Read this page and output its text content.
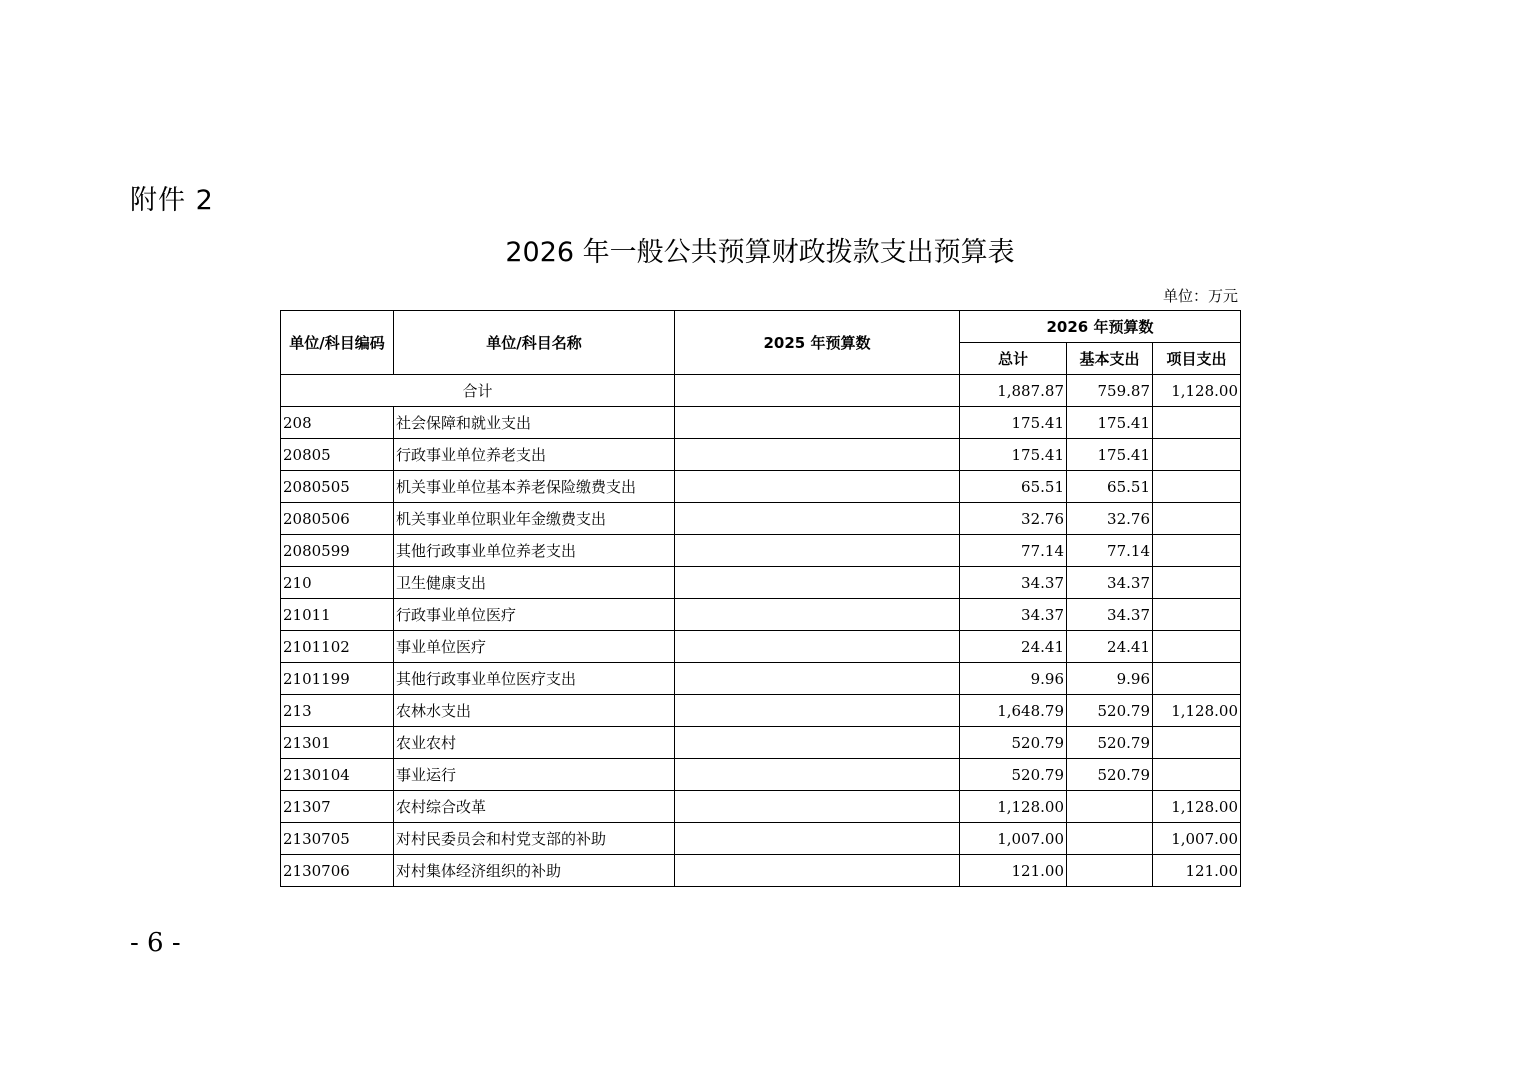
附件 2
2026 年一般公共预算财政拨款支出预算表
单位：万元
单位/科目编码	单位/科目名称	2025 年预算数	2026 年预算数		
			总计	基本支出	项目支出
合计			1,887.87	759.87	1,128.00
208	社会保障和就业支出		175.41	175.41	
20805	行政事业单位养老支出		175.41	175.41	
2080505	机关事业单位基本养老保险缴费支出		65.51	65.51	
2080506	机关事业单位职业年金缴费支出		32.76	32.76	
2080599	其他行政事业单位养老支出		77.14	77.14	
210	卫生健康支出		34.37	34.37	
21011	行政事业单位医疗		34.37	34.37	
2101102	事业单位医疗		24.41	24.41	
2101199	其他行政事业单位医疗支出		9.96	9.96	
213	农林水支出		1,648.79	520.79	1,128.00
21301	农业农村		520.79	520.79	
2130104	事业运行		520.79	520.79	
21307	农村综合改革		1,128.00		1,128.00
2130705	对村民委员会和村党支部的补助		1,007.00		1,007.00
2130706	对村集体经济组织的补助		121.00		121.00
- 6 -
